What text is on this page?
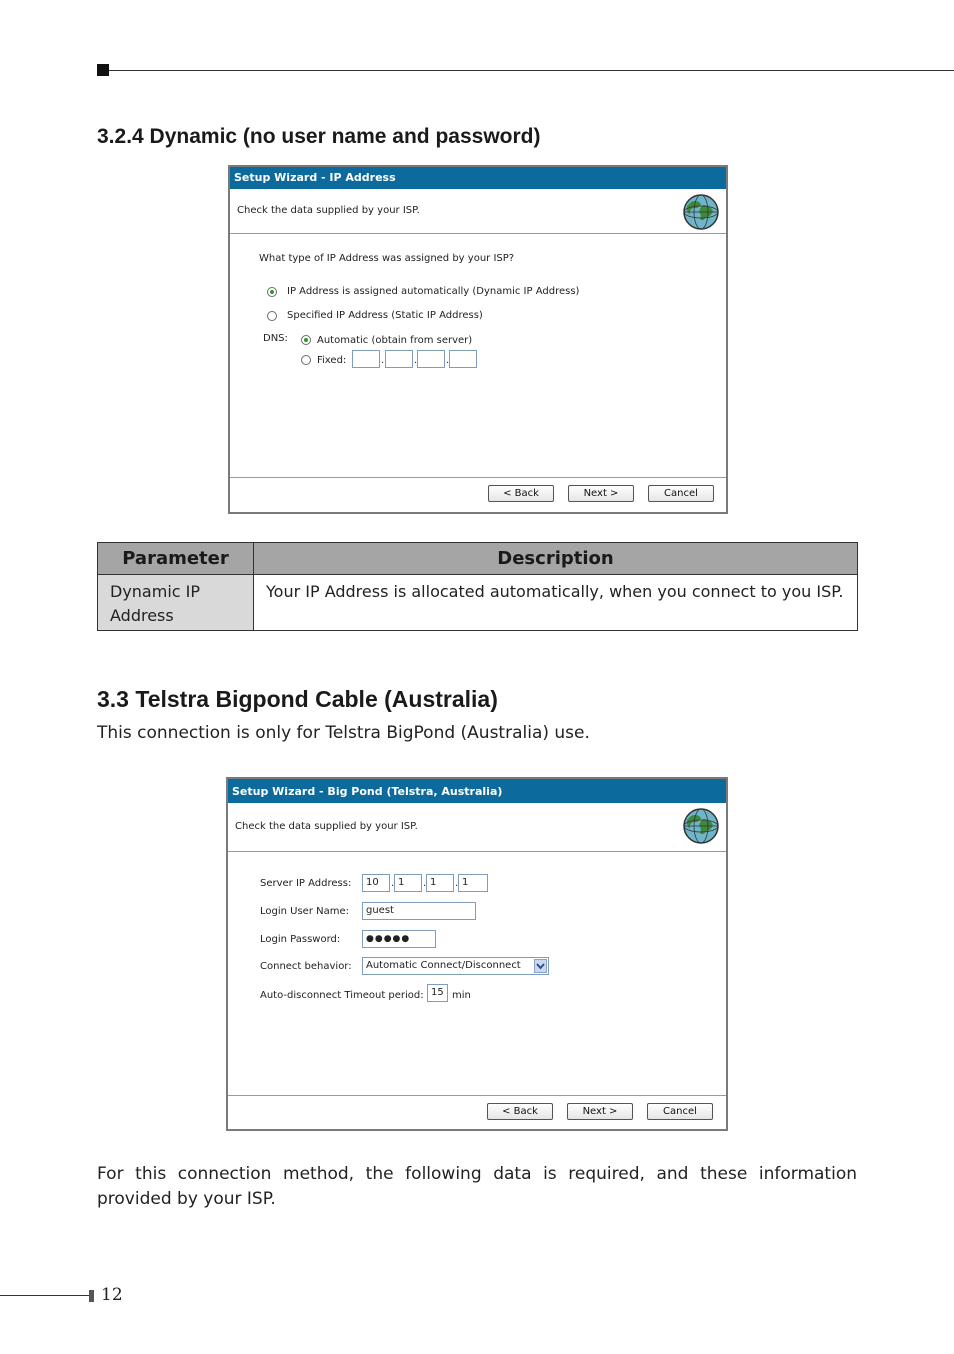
3.2.4 Dynamic (no user name and password)
Setup Wizard - IP Address
Check the data supplied by your ISP.
What type of IP Address was assigned by your ISP?
IP Address is assigned automatically (Dynamic IP Address)
Specified IP Address (Static IP Address)
DNS:	Automatic (obtain from server)
Fixed:	.	.	.
< Back	Next >	Cancel
Parameter	Description
Dynamic IP Address	Your IP Address is allocated automatically, when you connect to you ISP.
3.3 Telstra Bigpond Cable (Australia)

This connection is only for Telstra BigPond (Australia) use.

Setup Wizard - Big Pond (Telstra, Australia)
Check the data supplied by your ISP.
Server IP Address:	10	. 1	. 1	. 1
Login User Name:	guest
Login Password:	●●●●●
Connect behavior:	Automatic Connect/Disconnect
Auto-disconnect Timeout period: 15 min
< Back	Next >	Cancel

For this connection method, the following data is required, and these information provided by your ISP.

12
